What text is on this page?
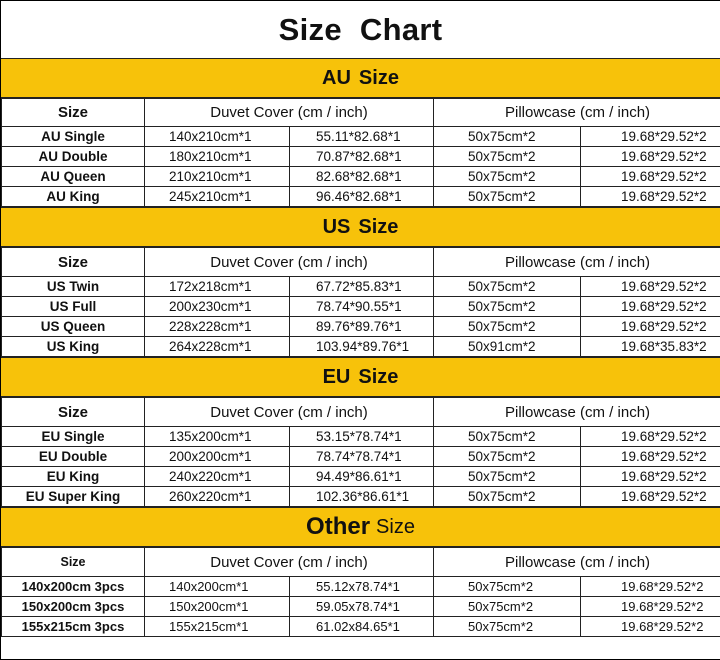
Size Chart
AU Size
Size	Duvet Cover (cm / inch)		Pillowcase (cm / inch)	
AU Single	140x210cm*1	55.11*82.68*1	50x75cm*2	19.68*29.52*2
AU Double	180x210cm*1	70.87*82.68*1	50x75cm*2	19.68*29.52*2
AU Queen	210x210cm*1	82.68*82.68*1	50x75cm*2	19.68*29.52*2
AU King	245x210cm*1	96.46*82.68*1	50x75cm*2	19.68*29.52*2
US Size
Size	Duvet Cover (cm / inch)		Pillowcase (cm / inch)	
US Twin	172x218cm*1	67.72*85.83*1	50x75cm*2	19.68*29.52*2
US Full	200x230cm*1	78.74*90.55*1	50x75cm*2	19.68*29.52*2
US Queen	228x228cm*1	89.76*89.76*1	50x75cm*2	19.68*29.52*2
US King	264x228cm*1	103.94*89.76*1	50x91cm*2	19.68*35.83*2
EU Size
Size	Duvet Cover (cm / inch)		Pillowcase (cm / inch)	
EU Single	135x200cm*1	53.15*78.74*1	50x75cm*2	19.68*29.52*2
EU Double	200x200cm*1	78.74*78.74*1	50x75cm*2	19.68*29.52*2
EU King	240x220cm*1	94.49*86.61*1	50x75cm*2	19.68*29.52*2
EU Super King	260x220cm*1	102.36*86.61*1	50x75cm*2	19.68*29.52*2
Other Size
Size	Duvet Cover (cm / inch)		Pillowcase (cm / inch)	
140x200cm 3pcs	140x200cm*1	55.12x78.74*1	50x75cm*2	19.68*29.52*2
150x200cm 3pcs	150x200cm*1	59.05x78.74*1	50x75cm*2	19.68*29.52*2
155x215cm 3pcs	155x215cm*1	61.02x84.65*1	50x75cm*2	19.68*29.52*2
